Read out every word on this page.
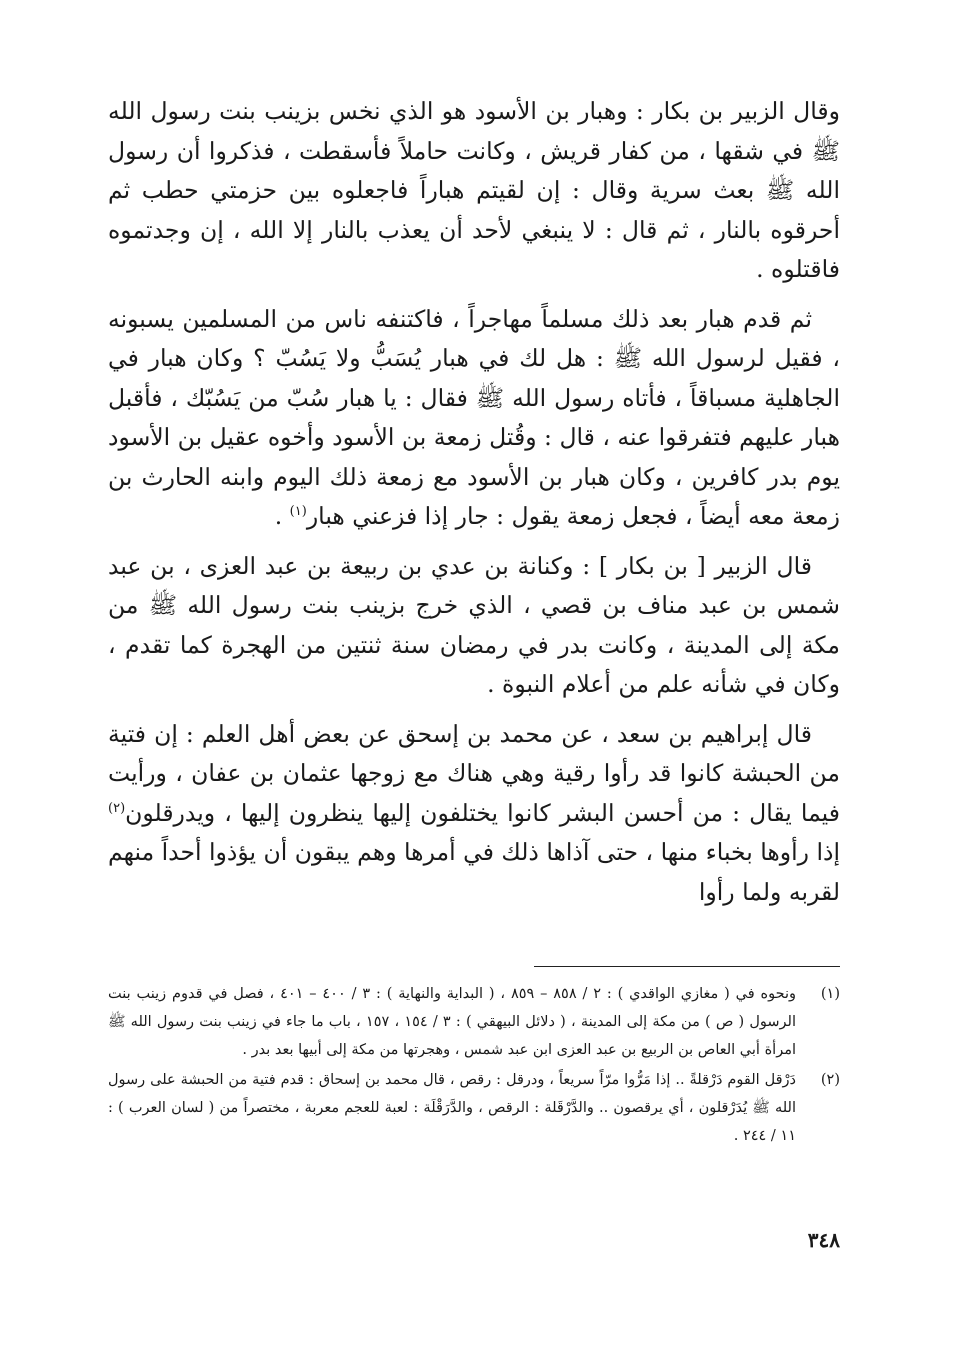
وقال الزبير بن بكار : وهبار بن الأسود هو الذي نخس بزينب بنت رسول الله ﷺ في شقها ، من كفار قريش ، وكانت حاملاً فأسقطت ، فذكروا أن رسول الله ﷺ بعث سرية وقال : إن لقيتم هباراً فاجعلوه بين حزمتي حطب ثم أحرقوه بالنار ، ثم قال : لا ينبغي لأحد أن يعذب بالنار إلا الله ، إن وجدتموه فاقتلوه .

ثم قدم هبار بعد ذلك مسلماً مهاجراً ، فاكتنفه ناس من المسلمين يسبونه ، فقيل لرسول الله ﷺ : هل لك في هبار يُسَبُّ ولا يَسُبّ ؟ وكان هبار في الجاهلية مسباقاً ، فأتاه رسول الله ﷺ فقال : يا هبار سُبّ من يَسُبّك ، فأقبل هبار عليهم فتفرقوا عنه ، قال : وقُتل زمعة بن الأسود وأخوه عقيل بن الأسود يوم بدر كافرين ، وكان هبار بن الأسود مع زمعة ذلك اليوم وابنه الحارث بن زمعة معه أيضاً ، فجعل زمعة يقول : جار إذا فزعني هبار$^{(١)}$ .

قال الزبير [ بن بكار ] : وكنانة بن عدي بن ربيعة بن عبد العزى ، بن عبد شمس بن عبد مناف بن قصي ، الذي خرج بزينب بنت رسول الله ﷺ من مكة إلى المدينة ، وكانت بدر في رمضان سنة ثنتين من الهجرة كما تقدم ، وكان في شأنه علم من أعلام النبوة .

قال إبراهيم بن سعد ، عن محمد بن إسحق عن بعض أهل العلم : إن فتية من الحبشة كانوا قد رأوا رقية وهي هناك مع زوجها عثمان بن عفان ، ورأيت فيما يقال : من أحسن البشر كانوا يختلفون إليها ينظرون إليها ، ويدرقلون$^{(٢)}$ إذا رأوها بخباء منها ، حتى آذاها ذلك في أمرها وهم يبقون أن يؤذوا أحداً منهم لقربه ولما رأوا

(١)
ونحوه في ( مغازي الواقدي ) : ٢ / ٨٥٨ – ٨٥٩ ، ( البداية والنهاية ) : ٣ / ٤٠٠ – ٤٠١ ، فصل في قدوم زينب بنت الرسول ( ص ) من مكة إلى المدينة ، ( دلائل البيهقي ) : ٣ / ١٥٤ ، ١٥٧ ، باب ما جاء في زينب بنت رسول الله ﷺ امرأة أبي العاص بن الربيع بن عبد العزى ابن عبد شمس ، وهجرتها من مكة إلى أبيها بعد بدر .
(٢)
دَرْقل القوم دَرْقلةً .. إذا مَرُّوا مرّاً سريعاً ، ودرقل : رقص ، قال محمد بن إسحاق : قدم فتية من الحبشة على رسول الله ﷺ يُدَرْقلون ، أي يرقصون .. والدَّرْقَلة : الرقص ، والدَّرَقْلَة : لعبة للعجم معربة ، مختصراً من ( لسان العرب ) : ١١ / ٢٤٤ .
٣٤٨
